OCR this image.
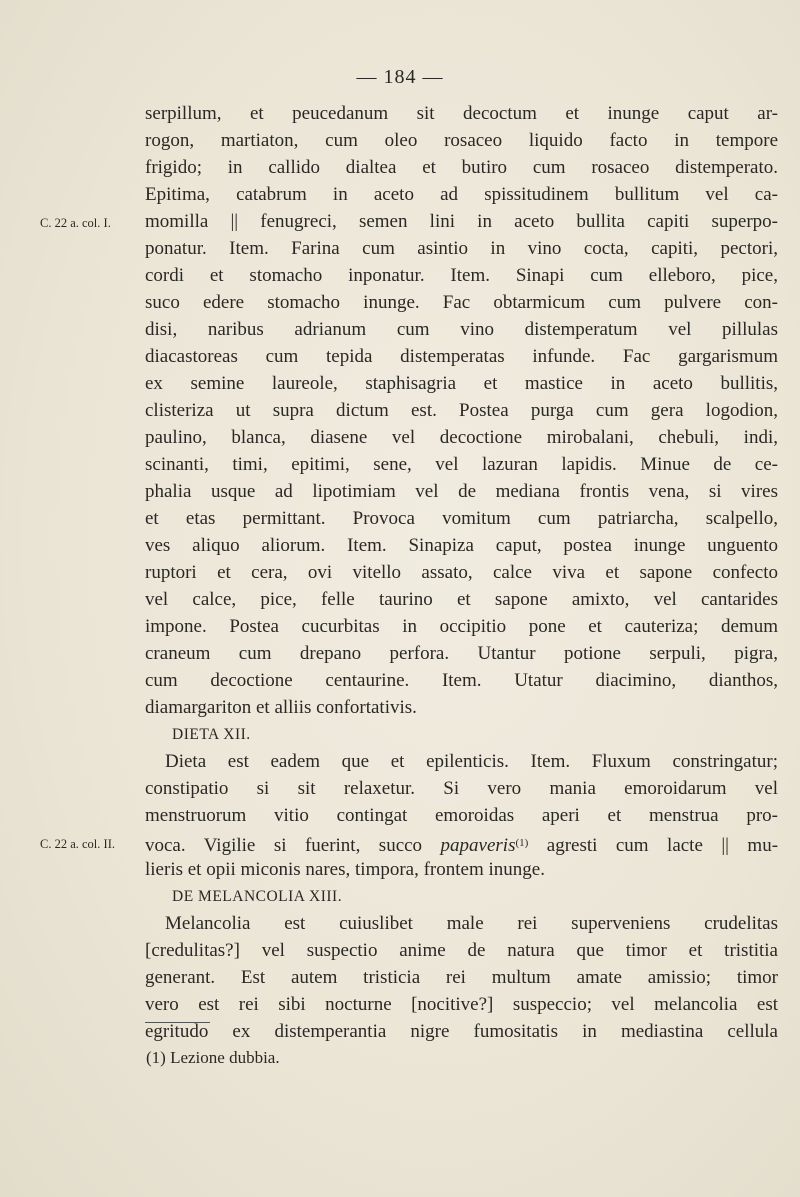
— 184 —
serpillum, et peucedanum sit decoctum et inunge caput ar-
rogon, martiaton, cum oleo rosaceo liquido facto in tempore
frigido; in callido dialtea et butiro cum rosaceo distemperato.
Epitima, catabrum in aceto ad spissitudinem bullitum vel ca-
momilla || fenugreci, semen lini in aceto bullita capiti superpo-
ponatur. Item. Farina cum asintio in vino cocta, capiti, pectori,
cordi et stomacho inponatur. Item. Sinapi cum elleboro, pice,
suco edere stomacho inunge. Fac obtarmicum cum pulvere con-
disi, naribus adrianum cum vino distemperatum vel pillulas
diacastoreas cum tepida distemperatas infunde. Fac gargarismum
ex semine laureole, staphisagria et mastice in aceto bullitis,
clisteriza ut supra dictum est. Postea purga cum gera logodion,
paulino, blanca, diasene vel decoctione mirobalani, chebuli, indi,
scinanti, timi, epitimi, sene, vel lazuran lapidis. Minue de ce-
phalia usque ad lipotimiam vel de mediana frontis vena, si vires
et etas permittant. Provoca vomitum cum patriarcha, scalpello,
ves aliquo aliorum. Item. Sinapiza caput, postea inunge unguento
ruptori et cera, ovi vitello assato, calce viva et sapone confecto
vel calce, pice, felle taurino et sapone amixto, vel cantarides
impone. Postea cucurbitas in occipitio pone et cauteriza; demum
craneum cum drepano perfora. Utantur potione serpuli, pigra,
cum decoctione centaurine. Item. Utatur diacimino, dianthos,
diamargariton et alliis confortativis.
DIETA XII.
Dieta est eadem que et epilenticis. Item. Fluxum constringatur;
constipatio si sit relaxetur. Si vero mania emoroidarum vel
menstruorum vitio contingat emoroidas aperi et menstrua pro-
voca. Vigilie si fuerint, succo papaveris$^{(1)}$ agresti cum lacte || mu-
lieris et opii miconis nares, timpora, frontem inunge.
DE MELANCOLIA XIII.
Melancolia est cuiuslibet male rei superveniens crudelitas
[credulitas?] vel suspectio anime de natura que timor et tristitia
generant. Est autem tristicia rei multum amate amissio; timor
vero est rei sibi nocturne [nocitive?] suspeccio; vel melancolia est
egritudo ex distemperantia nigre fumositatis in mediastina cellula
C. 22 a. col. I.
C. 22 a. col. II.
(1) Lezione dubbia.
